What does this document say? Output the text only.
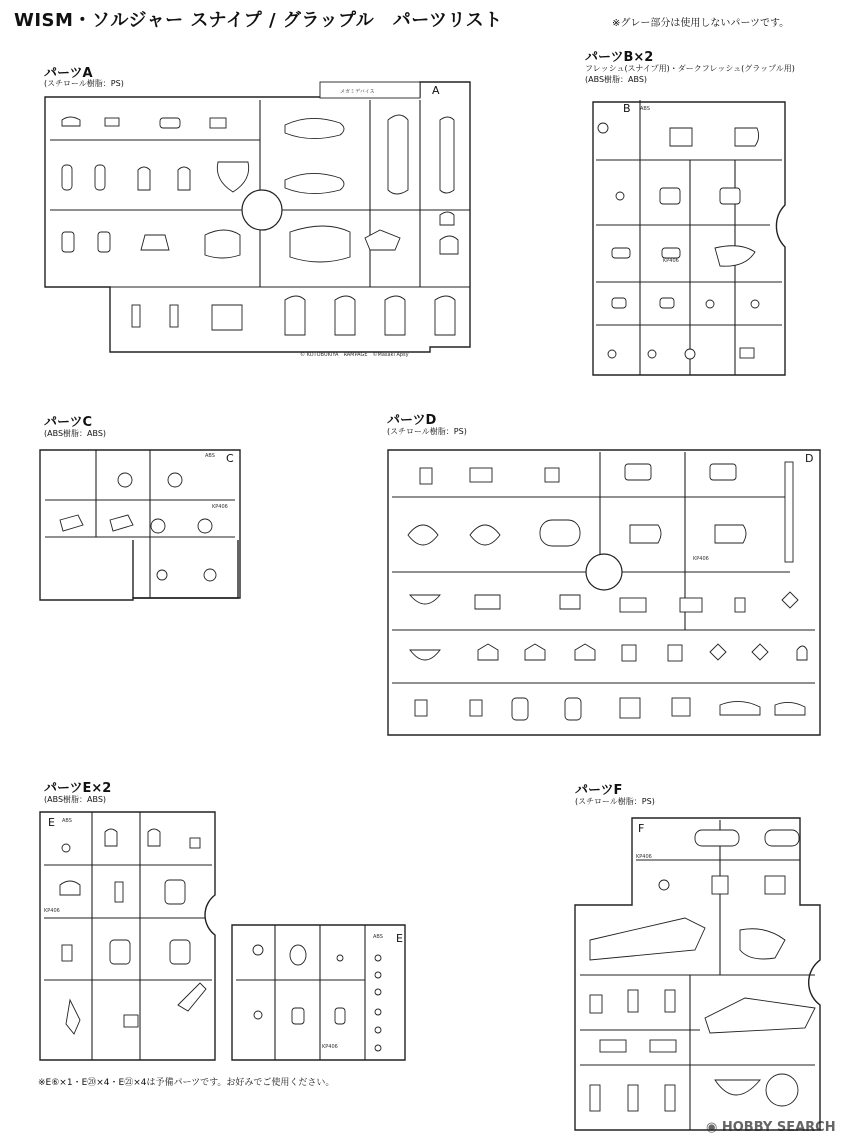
WISM・ソルジャー スナイプ / グラップル　パーツリスト	※グレー部分は使用しないパーツです。
パーツA
(スチロール樹脂：PS)
パーツB×2
フレッシュ(スナイプ用)・ダークフレッシュ(グラップル用)
(ABS樹脂：ABS)
パーツC
(ABS樹脂：ABS)
パーツD
(スチロール樹脂：PS)
パーツE×2
(ABS樹脂：ABS)
パーツF
(スチロール樹脂：PS)
※E⑥×1・E⑳×4・E㉑×4は予備パーツです。お好みでご使用ください。
◉ HOBBY SEARCH
メガミデバイス	A
© KOTOBUKIYA　RAMPAGE　©Masaki Apsy
B ABS
KP406
C
ABS
KP406
D
KP406
E ABS
KP406
E
ABS
KP406
F
KP406
